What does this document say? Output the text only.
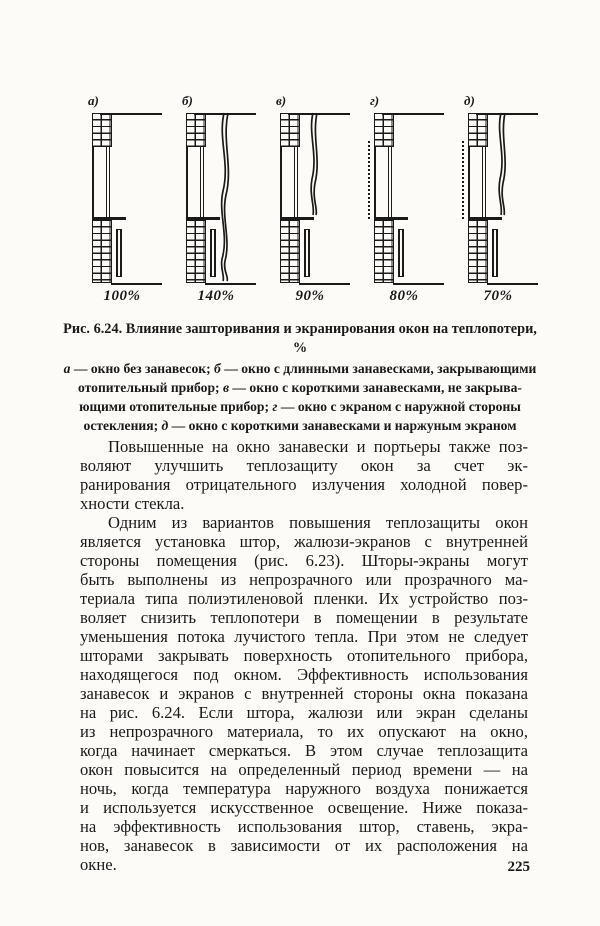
а)
100%
б)
140%
в)
90%
г)
80%
д)
70%
Рис. 6.24. Влияние зашторивания и экранирования окон на теплопотери, %
а — окно без занавесок; б — окно с длинными занавесками, закрывающими
отопительный прибор; в — окно с короткими занавесками, не закрыва-
ющими отопительные прибор; г — окно с экраном с наружной стороны
остекления; д — окно с короткими занавесками и наржуным экраном
Повышенные на окно занавески и портьеры также поз-
воляют улучшить теплозащиту окон за счет эк-
ранирования отрицательного излучения холодной повер-
хности стекла.
Одним из вариантов повышения теплозащиты окон
является установка штор, жалюзи-экранов с внутренней
стороны помещения (рис. 6.23). Шторы-экраны могут
быть выполнены из непрозрачного или прозрачного ма-
териала типа полиэтиленовой пленки. Их устройство поз-
воляет снизить теплопотери в помещении в результате
уменьшения потока лучистого тепла. При этом не следует
шторами закрывать поверхность отопительного прибора,
находящегося под окном. Эффективность использования
занавесок и экранов с внутренней стороны окна показана
на рис. 6.24. Если штора, жалюзи или экран сделаны
из непрозрачного материала, то их опускают на окно,
когда начинает смеркаться. В этом случае теплозащита
окон повысится на определенный период времени — на
ночь, когда температура наружного воздуха понижается
и используется искусственное освещение. Ниже показа-
на эффективность использования штор, ставень, экра-
нов, занавесок в зависимости от их расположения на
окне.	225
